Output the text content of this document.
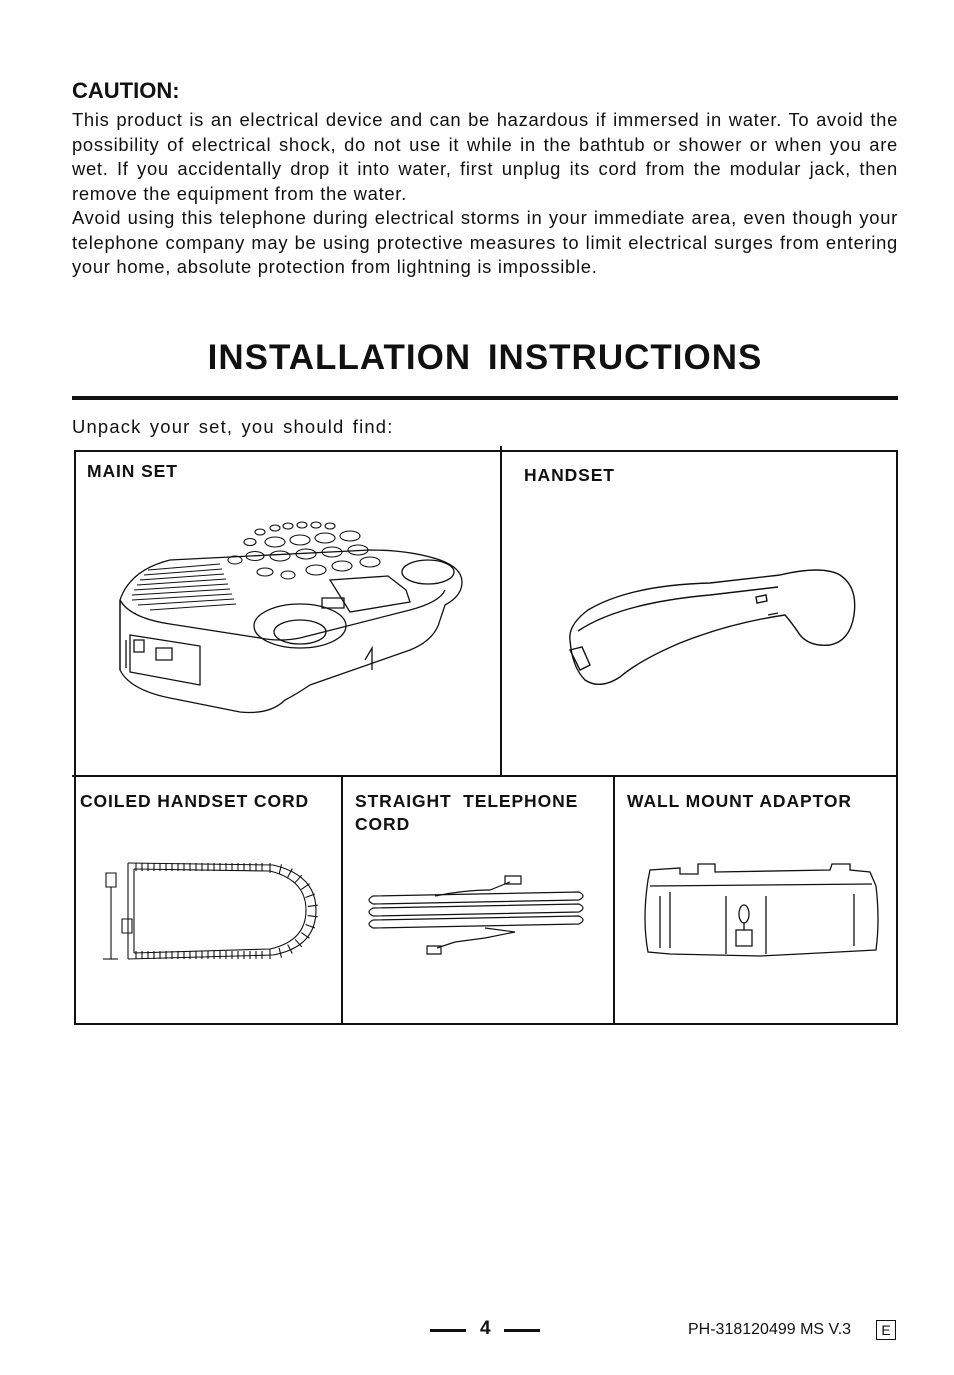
CAUTION:

This product is an electrical device and can be hazardous if immersed in water. To avoid the possibility of electrical shock, do not use it while in the bathtub or shower or when you are wet. If you accidentally drop it into water, first unplug its cord from the modular jack, then remove the equipment from the water.

Avoid using this telephone during electrical storms in your immediate area, even though your telephone company may be using protective measures to limit electrical surges from entering your home, absolute protection from lightning is impossible.

INSTALLATION INSTRUCTIONS
Unpack your set, you should find:
MAIN SET	HANDSET
COILED HANDSET CORD	STRAIGHT  TELEPHONE CORD
WALL MOUNT ADAPTOR
4	PH-318120499 MS V.3	E
